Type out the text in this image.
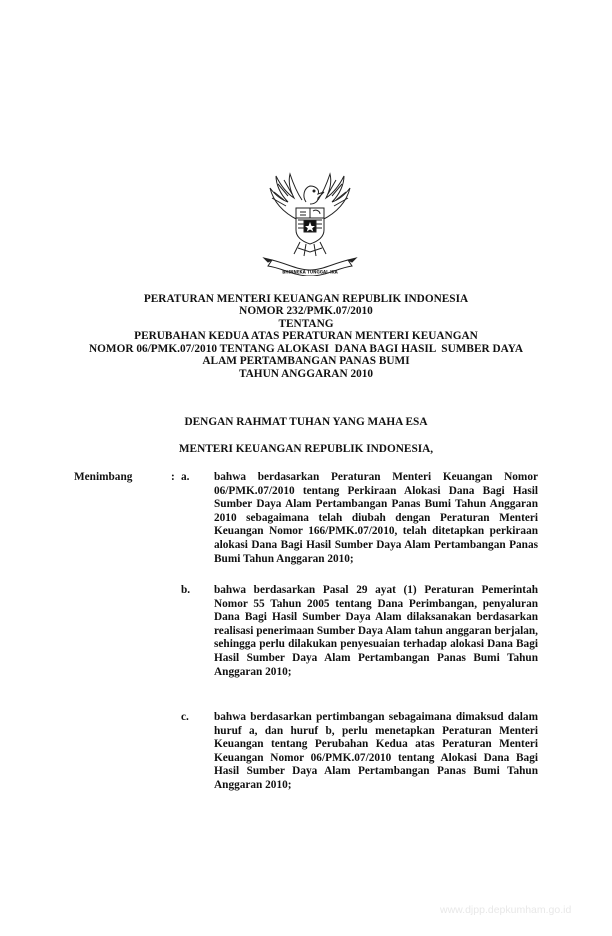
BHINNEKA TUNGGAL IKA
PERATURAN MENTERI KEUANGAN REPUBLIK INDONESIA
NOMOR 232/PMK.07/2010
TENTANG
PERUBAHAN KEDUA ATAS PERATURAN MENTERI KEUANGAN
NOMOR 06/PMK.07/2010 TENTANG ALOKASI  DANA BAGI HASIL  SUMBER DAYA
ALAM PERTAMBANGAN PANAS BUMI
TAHUN ANGGARAN 2010
DENGAN RAHMAT TUHAN YANG MAHA ESA
MENTERI KEUANGAN REPUBLIK INDONESIA,
Menimbang	: a. bahwa berdasarkan Peraturan Menteri Keuangan Nomor 06/PMK.07/2010 tentang Perkiraan Alokasi Dana Bagi Hasil Sumber Daya Alam Pertambangan Panas Bumi Tahun Anggaran 2010 sebagaimana telah diubah dengan Peraturan Menteri Keuangan Nomor 166/PMK.07/2010, telah ditetapkan perkiraan alokasi Dana Bagi Hasil Sumber Daya Alam Pertambangan Panas Bumi Tahun Anggaran 2010;
b. bahwa berdasarkan Pasal 29 ayat (1) Peraturan Pemerintah Nomor 55 Tahun 2005 tentang Dana Perimbangan, penyaluran Dana Bagi Hasil Sumber Daya Alam dilaksanakan berdasarkan realisasi penerimaan Sumber Daya Alam tahun anggaran berjalan, sehingga perlu dilakukan penyesuaian terhadap alokasi Dana Bagi Hasil Sumber Daya Alam Pertambangan Panas Bumi Tahun Anggaran 2010;
c. bahwa berdasarkan pertimbangan sebagaimana dimaksud dalam huruf a, dan huruf b, perlu menetapkan Peraturan Menteri Keuangan tentang Perubahan Kedua atas Peraturan Menteri Keuangan Nomor 06/PMK.07/2010 tentang Alokasi Dana Bagi Hasil Sumber Daya Alam Pertambangan Panas Bumi Tahun Anggaran 2010;
www.djpp.depkumham.go.id
